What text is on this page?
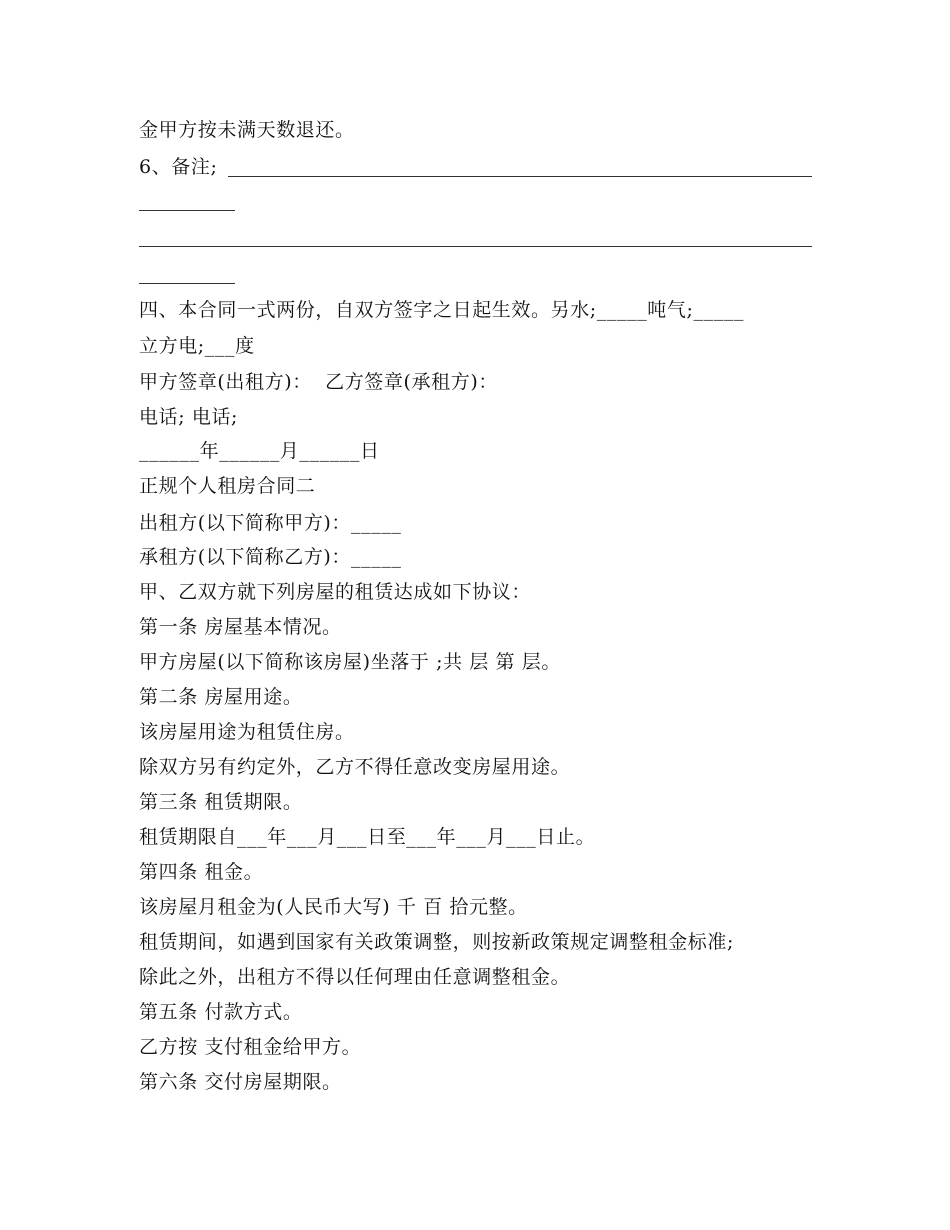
金甲方按未满天数退还。

6、备注;

四、本合同一式两份，自双方签字之日起生效。另水;_____吨气;_____

立方电;___度

甲方签章(出租方)：  乙方签章(承租方)：

电话; 电话;

______年______月______日

正规个人租房合同二

出租方(以下简称甲方)：_____

承租方(以下简称乙方)：_____

甲、乙双方就下列房屋的租赁达成如下协议：

第一条 房屋基本情况。

甲方房屋(以下简称该房屋)坐落于 ;共 层 第 层。

第二条 房屋用途。

该房屋用途为租赁住房。

除双方另有约定外，乙方不得任意改变房屋用途。

第三条 租赁期限。

租赁期限自___年___月___日至___年___月___日止。

第四条 租金。

该房屋月租金为(人民币大写) 千 百 拾元整。

租赁期间，如遇到国家有关政策调整，则按新政策规定调整租金标准;

除此之外，出租方不得以任何理由任意调整租金。

第五条 付款方式。

乙方按 支付租金给甲方。

第六条 交付房屋期限。
